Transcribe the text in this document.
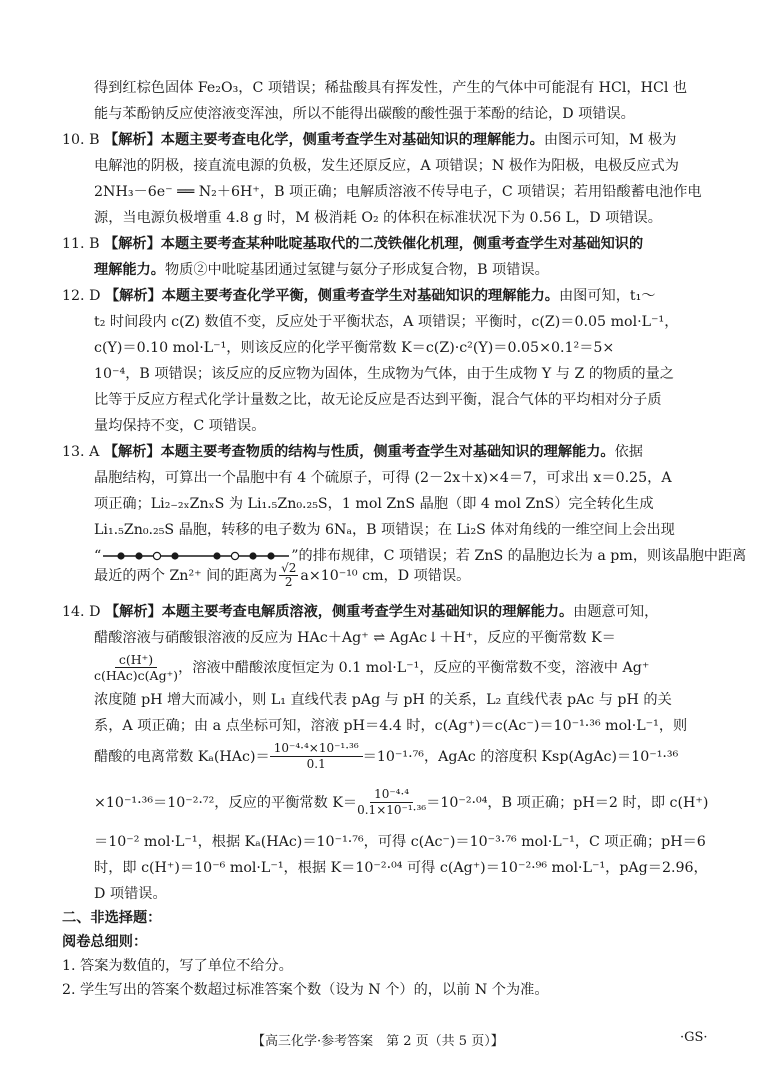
得到红棕色固体 Fe₂O₃，C 项错误；稀盐酸具有挥发性，产生的气体中可能混有 HCl，HCl 也
能与苯酚钠反应使溶液变浑浊，所以不能得出碳酸的酸性强于苯酚的结论，D 项错误。
10. B 【解析】本题主要考查电化学，侧重考查学生对基础知识的理解能力。由图示可知，M 极为
电解池的阴极，接直流电源的负极，发生还原反应，A 项错误；N 极作为阳极，电极反应式为
2NH₃－6e⁻ ══ N₂＋6H⁺，B 项正确；电解质溶液不传导电子，C 项错误；若用铅酸蓄电池作电
源，当电源负极增重 4.8 g 时，M 极消耗 O₂ 的体积在标准状况下为 0.56 L，D 项错误。
11. B 【解析】本题主要考查某种吡啶基取代的二茂铁催化机理，侧重考查学生对基础知识的
理解能力。物质②中吡啶基团通过氢键与氨分子形成复合物，B 项错误。
12. D 【解析】本题主要考查化学平衡，侧重考查学生对基础知识的理解能力。由图可知，t₁～
t₂ 时间段内 c(Z) 数值不变，反应处于平衡状态，A 项错误；平衡时，c(Z)＝0.05 mol·L⁻¹，
c(Y)＝0.10 mol·L⁻¹，则该反应的化学平衡常数 K＝c(Z)·c²(Y)＝0.05×0.1²＝5×
10⁻⁴，B 项错误；该反应的反应物为固体，生成物为气体，由于生成物 Y 与 Z 的物质的量之
比等于反应方程式化学计量数之比，故无论反应是否达到平衡，混合气体的平均相对分子质
量均保持不变，C 项错误。
13. A 【解析】本题主要考查物质的结构与性质，侧重考查学生对基础知识的理解能力。依据
晶胞结构，可算出一个晶胞中有 4 个硫原子，可得 (2－2x＋x)×4＝7，可求出 x＝0.25，A
项正确；Li₂₋₂ₓZnₓS 为 Li₁.₅Zn₀.₂₅S，1 mol ZnS 晶胞（即 4 mol ZnS）完全转化生成
Li₁.₅Zn₀.₂₅S 晶胞，转移的电子数为 6Nₐ，B 项错误；在 Li₂S 体对角线的一维空间上会出现
“	”的排布规律，C 项错误；若 ZnS 的晶胞边长为 a pm，则该晶胞中距离
最近的两个 Zn²⁺ 间的距离为 $\frac{√2}{2} a\times 10^{-10}$ cm，D 项错误。
14. D 【解析】本题主要考查电解质溶液，侧重考查学生对基础知识的理解能力。由题意可知，
醋酸溶液与硝酸银溶液的反应为 HAc＋Ag⁺ ⇌ AgAc↓＋H⁺，反应的平衡常数 K＝
c(H⁺)
c(HAc)c(Ag⁺) ，溶液中醋酸浓度恒定为 0.1 mol·L⁻¹，反应的平衡常数不变，溶液中 Ag⁺
浓度随 pH 增大而减小，则 L₁ 直线代表 pAg 与 pH 的关系，L₂ 直线代表 pAc 与 pH 的关
系，A 项正确；由 a 点坐标可知，溶液 pH＝4.4 时，c(Ag⁺)＝c(Ac⁻)＝10⁻¹·³⁶ mol·L⁻¹，则
醋酸的电离常数 $K_a(HAc)= \frac{\text{10⁻⁴·⁴×10⁻¹·³⁶}}{0.1} =10^{-1}\cdot^{76}$，AgAc 的溶度积 Ksp(AgAc)＝10⁻¹·³⁶
×10⁻¹·³⁶＝10⁻²·⁷²，反应的平衡常数 $K= \frac{\text{10⁻⁴·⁴}}{\text{0.1×10⁻¹·³⁶}} =10^{-2}\cdot^{04}$，B 项正确；pH＝2 时，即 c(H⁺)
＝10⁻² mol·L⁻¹，根据 Kₐ(HAc)＝10⁻¹·⁷⁶，可得 c(Ac⁻)＝10⁻³·⁷⁶ mol·L⁻¹，C 项正确；pH＝6
时，即 c(H⁺)＝10⁻⁶ mol·L⁻¹，根据 K＝10⁻²·⁰⁴ 可得 c(Ag⁺)＝10⁻²·⁹⁶ mol·L⁻¹，pAg＝2.96，
D 项错误。
二、非选择题：
阅卷总细则：
1. 答案为数值的，写了单位不给分。
2. 学生写出的答案个数超过标准答案个数（设为 N 个）的，以前 N 个为准。
【高三化学·参考答案　第 2 页（共 5 页）】	·GS·
